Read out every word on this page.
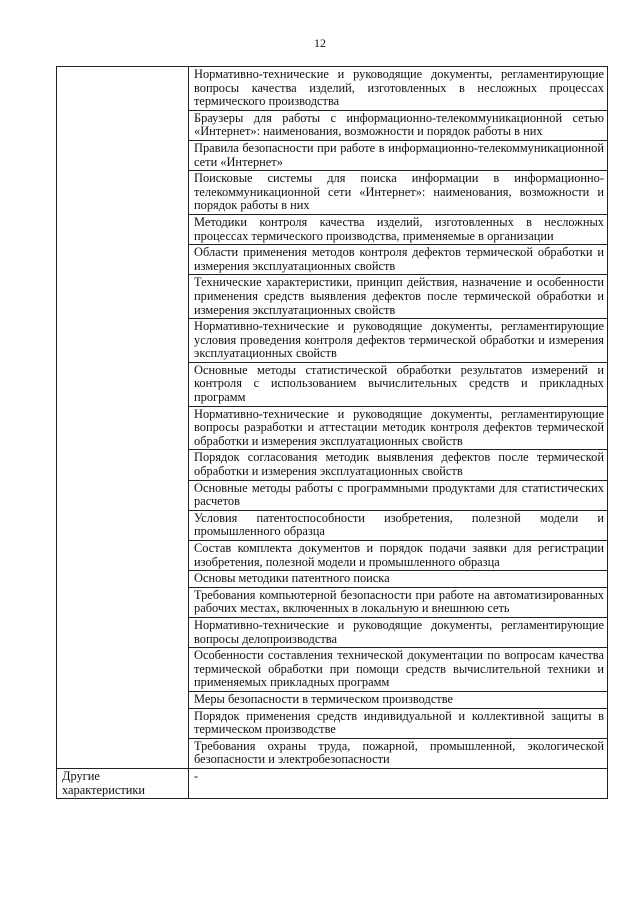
12
	Нормативно-технические и руководящие документы, регламентирующие вопросы качества изделий, изготовленных в несложных процессах термического производства
	Браузеры для работы с информационно-телекоммуникационной сетью «Интернет»: наименования, возможности и порядок работы в них
	Правила безопасности при работе в информационно-телекоммуникационной сети «Интернет»
	Поисковые системы для поиска информации в информационно-телекоммуникационной сети «Интернет»: наименования, возможности и порядок работы в них
	Методики контроля качества изделий, изготовленных в несложных процессах термического производства, применяемые в организации
	Области применения методов контроля дефектов термической обработки и измерения эксплуатационных свойств
	Технические характеристики, принцип действия, назначение и особенности применения средств выявления дефектов после термической обработки и измерения эксплуатационных свойств
	Нормативно-технические и руководящие документы, регламентирующие условия проведения контроля дефектов термической обработки и измерения эксплуатационных свойств
	Основные методы статистической обработки результатов измерений и контроля с использованием вычислительных средств и прикладных программ
	Нормативно-технические и руководящие документы, регламентирующие вопросы разработки и аттестации методик контроля дефектов термической обработки и измерения эксплуатационных свойств
	Порядок согласования методик выявления дефектов после термической обработки и измерения эксплуатационных свойств
	Основные методы работы с программными продуктами для статистических расчетов
	Условия патентоспособности изобретения, полезной модели и промышленного образца
	Состав комплекта документов и порядок подачи заявки для регистрации изобретения, полезной модели и промышленного образца
	Основы методики патентного поиска
	Требования компьютерной безопасности при работе на автоматизированных рабочих местах, включенных в локальную и внешнюю сеть
	Нормативно-технические и руководящие документы, регламентирующие вопросы делопроизводства
	Особенности составления технической документации по вопросам качества термической обработки при помощи средств вычислительной техники и применяемых прикладных программ
	Меры безопасности в термическом производстве
	Порядок применения средств индивидуальной и коллективной защиты в термическом производстве
	Требования охраны труда, пожарной, промышленной, экологической безопасности и электробезопасности
Другие характеристики	-
